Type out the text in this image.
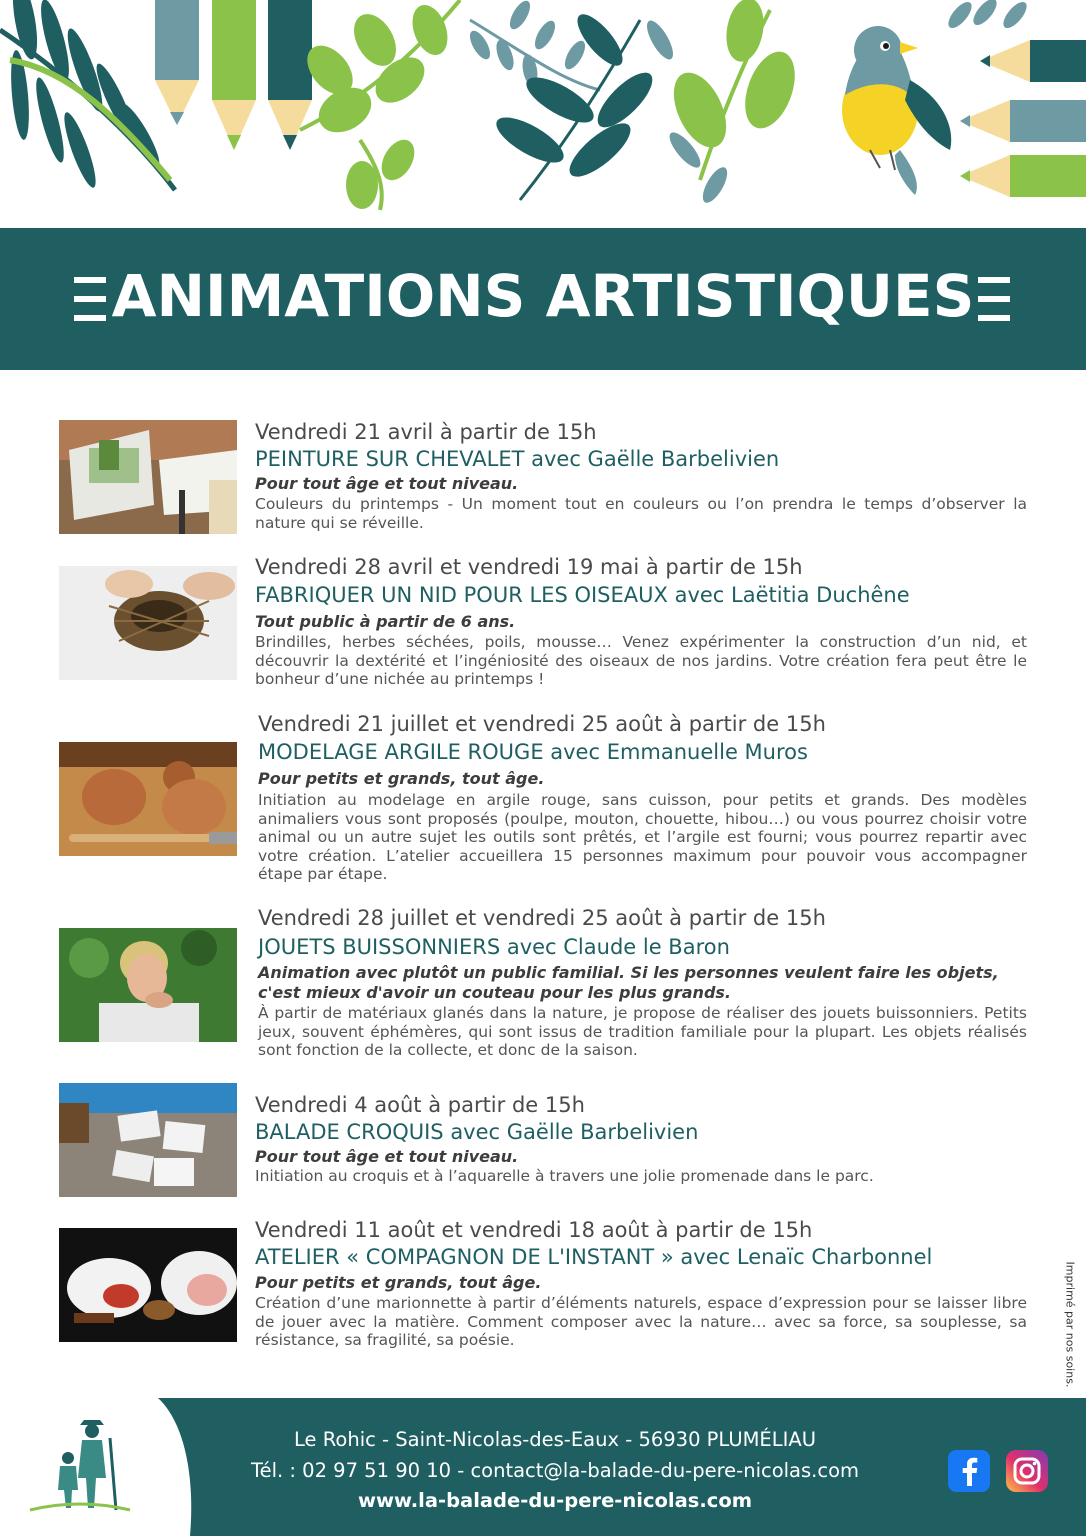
ANIMATIONS ARTISTIQUES
Vendredi 21 avril à partir de 15h
PEINTURE SUR CHEVALET avec Gaëlle Barbelivien
Pour tout âge et tout niveau.
Couleurs du printemps - Un moment tout en couleurs ou l’on prendra le temps d’observer la nature qui se réveille.
Vendredi 28 avril et vendredi 19 mai à partir de 15h
FABRIQUER UN NID POUR LES OISEAUX avec Laëtitia Duchêne
Tout public à partir de 6 ans.
Brindilles, herbes séchées, poils, mousse… Venez expérimenter la construction d’un nid, et découvrir la dextérité et l’ingéniosité des oiseaux de nos jardins. Votre création fera peut être le bonheur d’une nichée au printemps !
Vendredi 21 juillet et vendredi 25 août à partir de 15h
MODELAGE ARGILE ROUGE avec Emmanuelle Muros
Pour petits et grands, tout âge.
Initiation au modelage en argile rouge, sans cuisson, pour petits et grands. Des modèles animaliers vous sont proposés (poulpe, mouton, chouette, hibou…) ou vous pourrez choisir votre animal ou un autre sujet les outils sont prêtés, et l’argile est fourni; vous pourrez repartir avec votre création. L’atelier accueillera 15 personnes maximum pour pouvoir vous accompagner étape par étape.
Vendredi 28 juillet et vendredi 25 août à partir de 15h
JOUETS BUISSONNIERS avec Claude le Baron
Animation avec plutôt un public familial. Si les personnes veulent faire les objets, c'est mieux d'avoir un couteau pour les plus grands.
À partir de matériaux glanés dans la nature, je propose de réaliser des jouets buissonniers. Petits jeux, souvent éphémères, qui sont issus de tradition familiale pour la plupart. Les objets réalisés sont fonction de la collecte, et donc de la saison.
Vendredi 4 août à partir de 15h
BALADE CROQUIS avec Gaëlle Barbelivien
Pour tout âge et tout niveau.
Initiation au croquis et à l’aquarelle à travers une jolie promenade dans le parc.
Vendredi 11 août et vendredi 18 août à partir de 15h
ATELIER « COMPAGNON DE L'INSTANT » avec Lenaïc Charbonnel
Pour petits et grands, tout âge.
Création d’une marionnette à partir d’éléments naturels, espace d’expression pour se laisser libre de jouer avec la matière. Comment composer avec la nature… avec sa force, sa souplesse, sa résistance, sa fragilité, sa poésie.	Imprimé par nos soins.
Le Rohic - Saint-Nicolas-des-Eaux - 56930 PLUMÉLIAU
Tél. : 02 97 51 90 10 - contact@la-balade-du-pere-nicolas.com
www.la-balade-du-pere-nicolas.com
